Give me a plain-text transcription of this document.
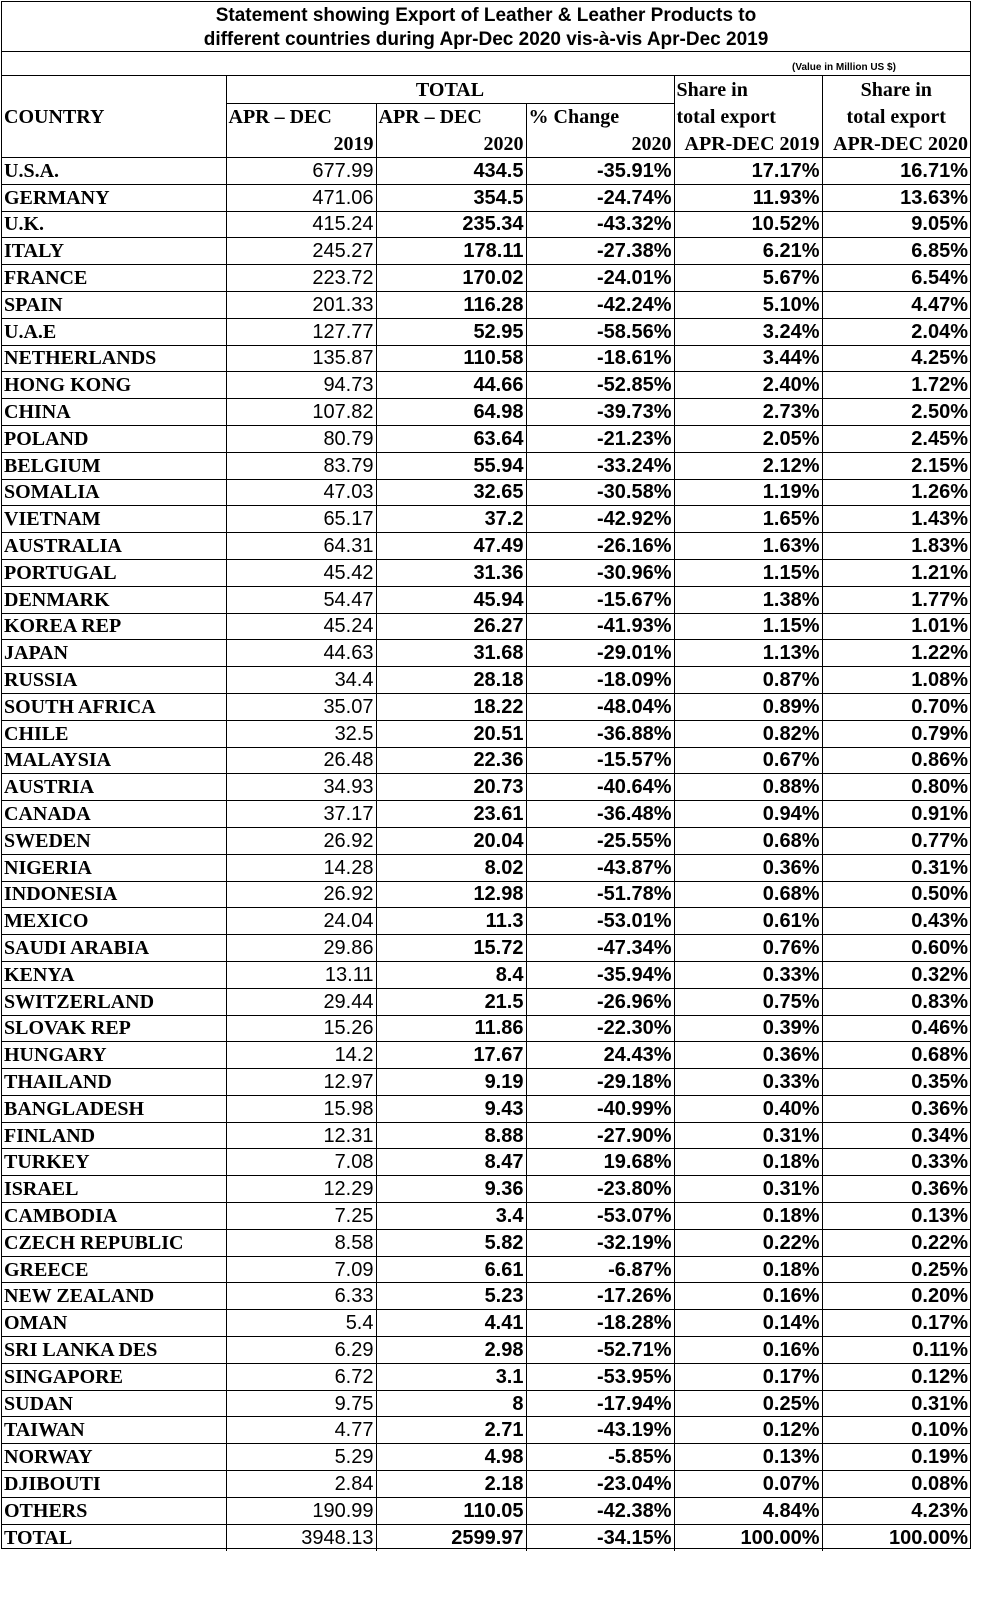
Statement showing Export of Leather & Leather Products to
different countries during Apr-Dec 2020 vis-à-vis Apr-Dec 2019
(Value in Million US $)
	TOTAL			Share in	Share in
COUNTRY	APR – DEC	APR – DEC	% Change	total export	total export
	2019	2020	2020	APR-DEC 2019	APR-DEC 2020
U.S.A.	677.99	434.5	-35.91%	17.17%	16.71%
GERMANY	471.06	354.5	-24.74%	11.93%	13.63%
U.K.	415.24	235.34	-43.32%	10.52%	9.05%
ITALY	245.27	178.11	-27.38%	6.21%	6.85%
FRANCE	223.72	170.02	-24.01%	5.67%	6.54%
SPAIN	201.33	116.28	-42.24%	5.10%	4.47%
U.A.E	127.77	52.95	-58.56%	3.24%	2.04%
NETHERLANDS	135.87	110.58	-18.61%	3.44%	4.25%
HONG KONG	94.73	44.66	-52.85%	2.40%	1.72%
CHINA	107.82	64.98	-39.73%	2.73%	2.50%
POLAND	80.79	63.64	-21.23%	2.05%	2.45%
BELGIUM	83.79	55.94	-33.24%	2.12%	2.15%
SOMALIA	47.03	32.65	-30.58%	1.19%	1.26%
VIETNAM	65.17	37.2	-42.92%	1.65%	1.43%
AUSTRALIA	64.31	47.49	-26.16%	1.63%	1.83%
PORTUGAL	45.42	31.36	-30.96%	1.15%	1.21%
DENMARK	54.47	45.94	-15.67%	1.38%	1.77%
KOREA REP	45.24	26.27	-41.93%	1.15%	1.01%
JAPAN	44.63	31.68	-29.01%	1.13%	1.22%
RUSSIA	34.4	28.18	-18.09%	0.87%	1.08%
SOUTH AFRICA	35.07	18.22	-48.04%	0.89%	0.70%
CHILE	32.5	20.51	-36.88%	0.82%	0.79%
MALAYSIA	26.48	22.36	-15.57%	0.67%	0.86%
AUSTRIA	34.93	20.73	-40.64%	0.88%	0.80%
CANADA	37.17	23.61	-36.48%	0.94%	0.91%
SWEDEN	26.92	20.04	-25.55%	0.68%	0.77%
NIGERIA	14.28	8.02	-43.87%	0.36%	0.31%
INDONESIA	26.92	12.98	-51.78%	0.68%	0.50%
MEXICO	24.04	11.3	-53.01%	0.61%	0.43%
SAUDI ARABIA	29.86	15.72	-47.34%	0.76%	0.60%
KENYA	13.11	8.4	-35.94%	0.33%	0.32%
SWITZERLAND	29.44	21.5	-26.96%	0.75%	0.83%
SLOVAK REP	15.26	11.86	-22.30%	0.39%	0.46%
HUNGARY	14.2	17.67	24.43%	0.36%	0.68%
THAILAND	12.97	9.19	-29.18%	0.33%	0.35%
BANGLADESH	15.98	9.43	-40.99%	0.40%	0.36%
FINLAND	12.31	8.88	-27.90%	0.31%	0.34%
TURKEY	7.08	8.47	19.68%	0.18%	0.33%
ISRAEL	12.29	9.36	-23.80%	0.31%	0.36%
CAMBODIA	7.25	3.4	-53.07%	0.18%	0.13%
CZECH REPUBLIC	8.58	5.82	-32.19%	0.22%	0.22%
GREECE	7.09	6.61	-6.87%	0.18%	0.25%
NEW ZEALAND	6.33	5.23	-17.26%	0.16%	0.20%
OMAN	5.4	4.41	-18.28%	0.14%	0.17%
SRI LANKA DES	6.29	2.98	-52.71%	0.16%	0.11%
SINGAPORE	6.72	3.1	-53.95%	0.17%	0.12%
SUDAN	9.75	8	-17.94%	0.25%	0.31%
TAIWAN	4.77	2.71	-43.19%	0.12%	0.10%
NORWAY	5.29	4.98	-5.85%	0.13%	0.19%
DJIBOUTI	2.84	2.18	-23.04%	0.07%	0.08%
OTHERS	190.99	110.05	-42.38%	4.84%	4.23%
TOTAL	3948.13	2599.97	-34.15%	100.00%	100.00%
